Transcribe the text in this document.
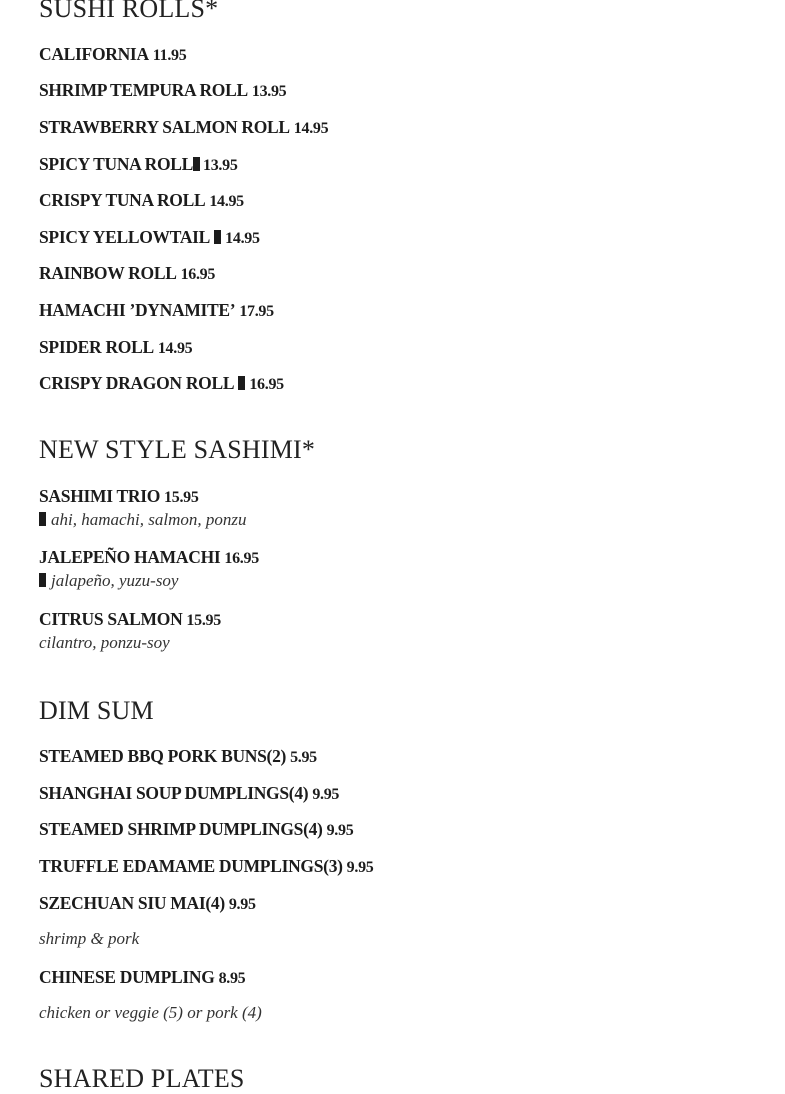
SUSHI ROLLS*
CALIFORNIA 11.95
SHRIMP TEMPURA ROLL 13.95
STRAWBERRY SALMON ROLL 14.95
SPICY TUNA ROLL 13.95
CRISPY TUNA ROLL 14.95
SPICY YELLOWTAIL 14.95
RAINBOW ROLL 16.95
HAMACHI ’DYNAMITE’ 17.95
SPIDER ROLL 14.95
CRISPY DRAGON ROLL 16.95
NEW STYLE SASHIMI*
SASHIMI TRIO 15.95
ahi, hamachi, salmon, ponzu
JALEPEÑO HAMACHI 16.95
jalapeño, yuzu-soy
CITRUS SALMON 15.95
cilantro, ponzu-soy
DIM SUM
STEAMED BBQ PORK BUNS(2) 5.95
SHANGHAI SOUP DUMPLINGS(4) 9.95
STEAMED SHRIMP DUMPLINGS(4) 9.95
TRUFFLE EDAMAME DUMPLINGS(3) 9.95
SZECHUAN SIU MAI(4) 9.95
shrimp & pork
CHINESE DUMPLING 8.95
chicken or veggie (5) or pork (4)
SHARED PLATES
